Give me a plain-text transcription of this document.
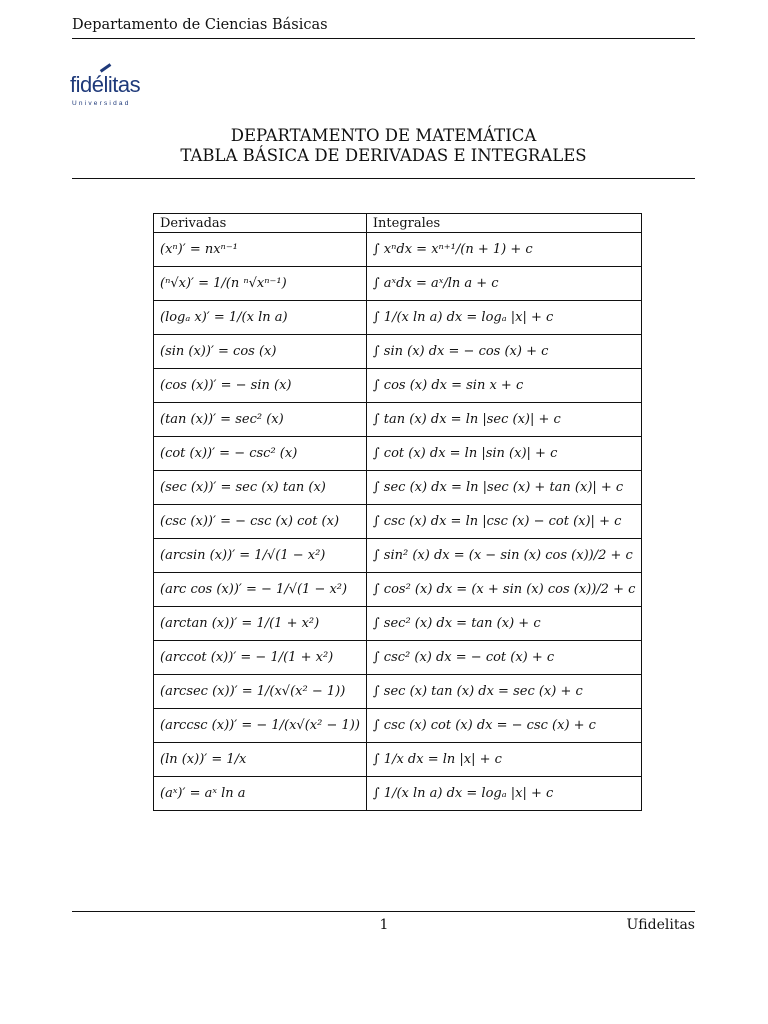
Departamento de Ciencias Básicas
fidélitas
Universidad
DEPARTAMENTO DE MATEMÁTICA
TABLA BÁSICA DE DERIVADAS E INTEGRALES
Derivadas	Integrales
(xⁿ)′ = nxⁿ⁻¹	∫ xⁿdx = xⁿ⁺¹/(n + 1) + c
(ⁿ√x)′ = 1/(n ⁿ√xⁿ⁻¹)	∫ aˣdx = aˣ/ln a + c
(logₐ x)′ = 1/(x ln a)	∫ 1/(x ln a) dx = logₐ |x| + c
(sin (x))′ = cos (x)	∫ sin (x) dx = − cos (x) + c
(cos (x))′ = − sin (x)	∫ cos (x) dx = sin x + c
(tan (x))′ = sec² (x)	∫ tan (x) dx = ln |sec (x)| + c
(cot (x))′ = − csc² (x)	∫ cot (x) dx = ln |sin (x)| + c
(sec (x))′ = sec (x) tan (x)	∫ sec (x) dx = ln |sec (x) + tan (x)| + c
(csc (x))′ = − csc (x) cot (x)	∫ csc (x) dx = ln |csc (x) − cot (x)| + c
(arcsin (x))′ = 1/√(1 − x²)	∫ sin² (x) dx = (x − sin (x) cos (x))/2 + c
(arc cos (x))′ = − 1/√(1 − x²)	∫ cos² (x) dx = (x + sin (x) cos (x))/2 + c
(arctan (x))′ = 1/(1 + x²)	∫ sec² (x) dx = tan (x) + c
(arccot (x))′ = − 1/(1 + x²)	∫ csc² (x) dx = − cot (x) + c
(arcsec (x))′ = 1/(x√(x² − 1))	∫ sec (x) tan (x) dx = sec (x) + c
(arccsc (x))′ = − 1/(x√(x² − 1))	∫ csc (x) cot (x) dx = − csc (x) + c
(ln (x))′ = 1/x	∫ 1/x dx = ln |x| + c
(aˣ)′ = aˣ ln a	∫ 1/(x ln a) dx = logₐ |x| + c
1	Ufidelitas
